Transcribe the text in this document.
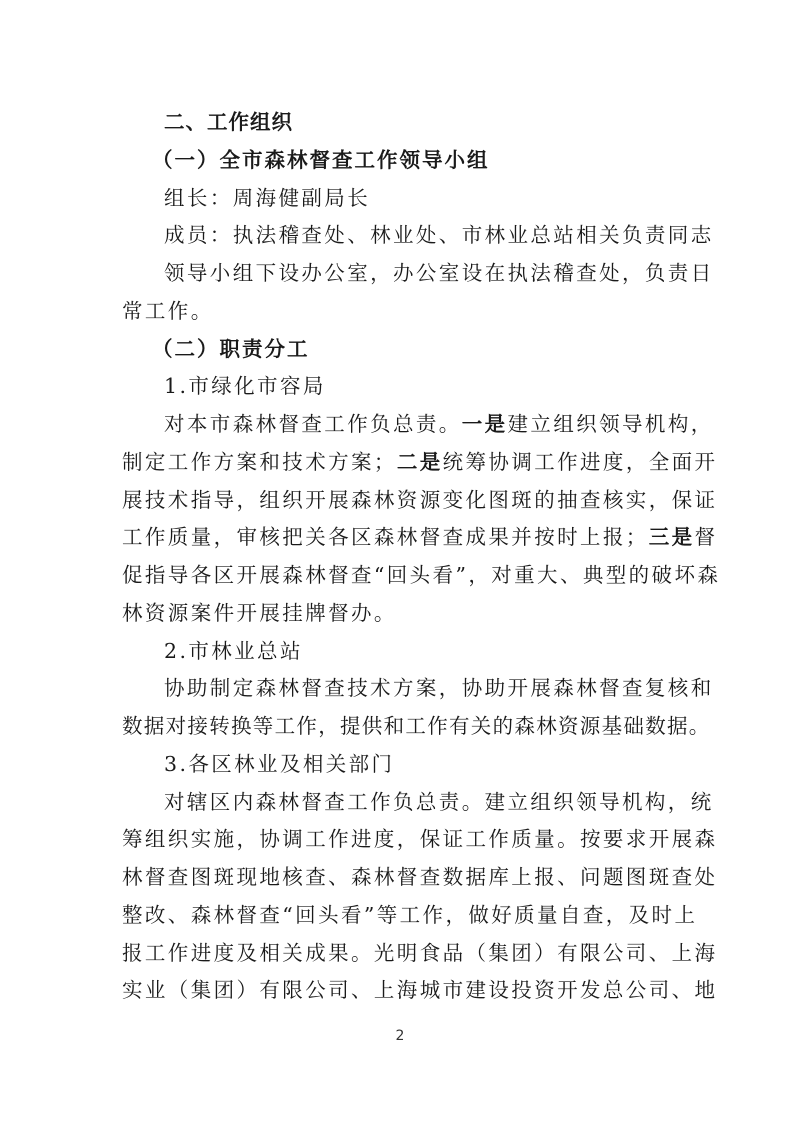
二、工作组织
（一）全市森林督查工作领导小组
组长：周海健副局长
成员：执法稽查处、林业处、市林业总站相关负责同志
领导小组下设办公室，办公室设在执法稽查处，负责日
常工作。
（二）职责分工
1.市绿化市容局
对本市森林督查工作负总责。一是建立组织领导机构，
制定工作方案和技术方案；二是统筹协调工作进度，全面开
展技术指导，组织开展森林资源变化图斑的抽查核实，保证
工作质量，审核把关各区森林督查成果并按时上报；三是督
促指导各区开展森林督查“回头看”，对重大、典型的破坏森
林资源案件开展挂牌督办。
2.市林业总站
协助制定森林督查技术方案，协助开展森林督查复核和
数据对接转换等工作，提供和工作有关的森林资源基础数据。
3.各区林业及相关部门
对辖区内森林督查工作负总责。建立组织领导机构，统
筹组织实施，协调工作进度，保证工作质量。按要求开展森
林督查图斑现地核查、森林督查数据库上报、问题图斑查处
整改、森林督查“回头看”等工作，做好质量自查，及时上
报工作进度及相关成果。光明食品（集团）有限公司、上海
实业（集团）有限公司、上海城市建设投资开发总公司、地
2
